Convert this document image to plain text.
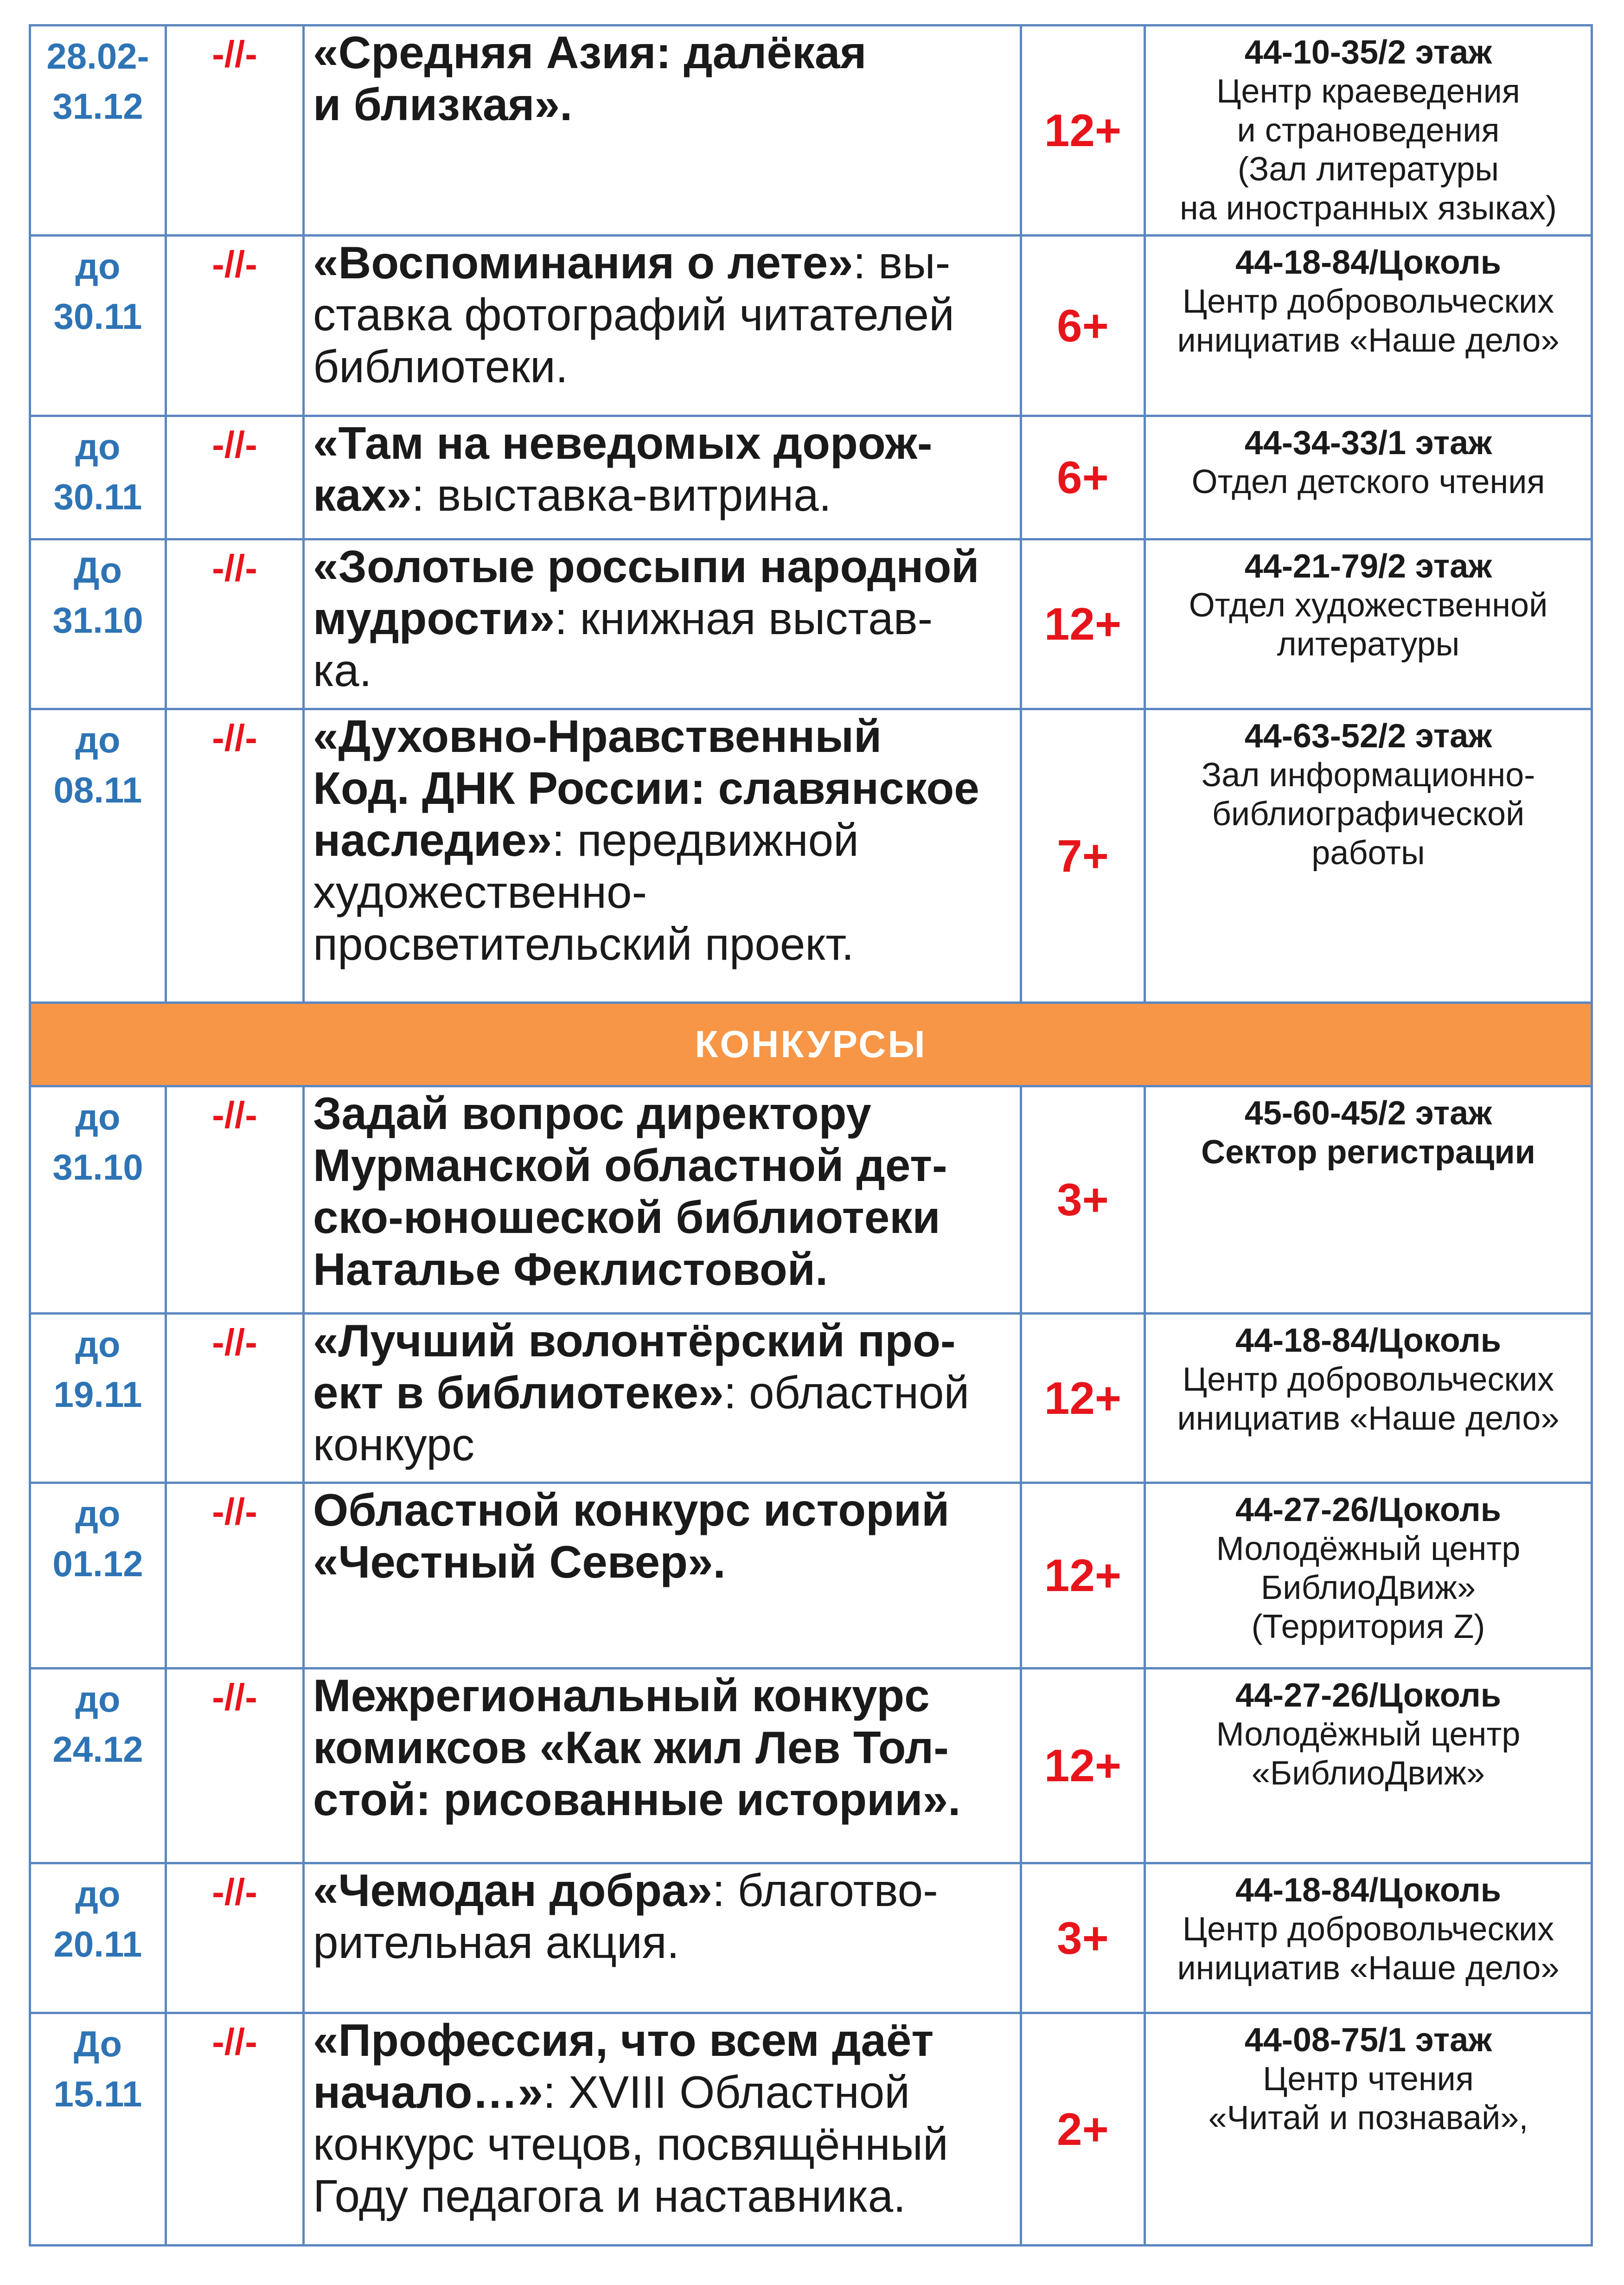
28.02-
31.12	-//-	«Средняя Азия: далёкая
и близкая».	12+	44-10-35/2 этаж
Центр краеведения
и страноведения
(Зал литературы
на иностранных языках)

до
30.11	-//-	«Воспоминания о лете»: вы-
ставка фотографий читателей
библиотеки.	6+	44-18-84/Цоколь
Центр добровольческих
инициатив «Наше дело»

до
30.11	-//-	«Там на неведомых дорож-
ках»: выставка-витрина.	6+	44-34-33/1 этаж
Отдел детского чтения

До
31.10	-//-	«Золотые россыпи народной
мудрости»: книжная выстав-
ка.	12+	44-21-79/2 этаж
Отдел художественной
литературы

до
08.11	-//-	«Духовно-Нравственный
Код. ДНК России: славянское
наследие»: передвижной
художественно-
просветительский проект.	7+	44-63-52/2 этаж
Зал информационно-
библиографической
работы

КОНКУРСЫ				

до
31.10	-//-	Задай вопрос директору
Мурманской областной дет-
ско-юношеской библиотеки
Наталье Феклистовой.	3+	45-60-45/2 этаж
Сектор регистрации

до
19.11	-//-	«Лучший волонтёрский про-
ект в библиотеке»: областной
конкурс	12+	44-18-84/Цоколь
Центр добровольческих
инициатив «Наше дело»

до
01.12	-//-	Областной конкурс историй
«Честный Север».	12+	44-27-26/Цоколь
Молодёжный центр
БиблиоДвиж»
(Территория Z)

до
24.12	-//-	Межрегиональный конкурс
комиксов «Как жил Лев Тол-
стой: рисованные истории».	12+	44-27-26/Цоколь
Молодёжный центр
«БиблиоДвиж»

до
20.11	-//-	«Чемодан добра»: благотво-
рительная акция.	3+	44-18-84/Цоколь
Центр добровольческих
инициатив «Наше дело»

До
15.11	-//-	«Профессия, что всем даёт
начало…»: XVIII Областной
конкурс чтецов, посвящённый
Году педагога и наставника.	2+	44-08-75/1 этаж
Центр чтения
«Читай и познавай»,
